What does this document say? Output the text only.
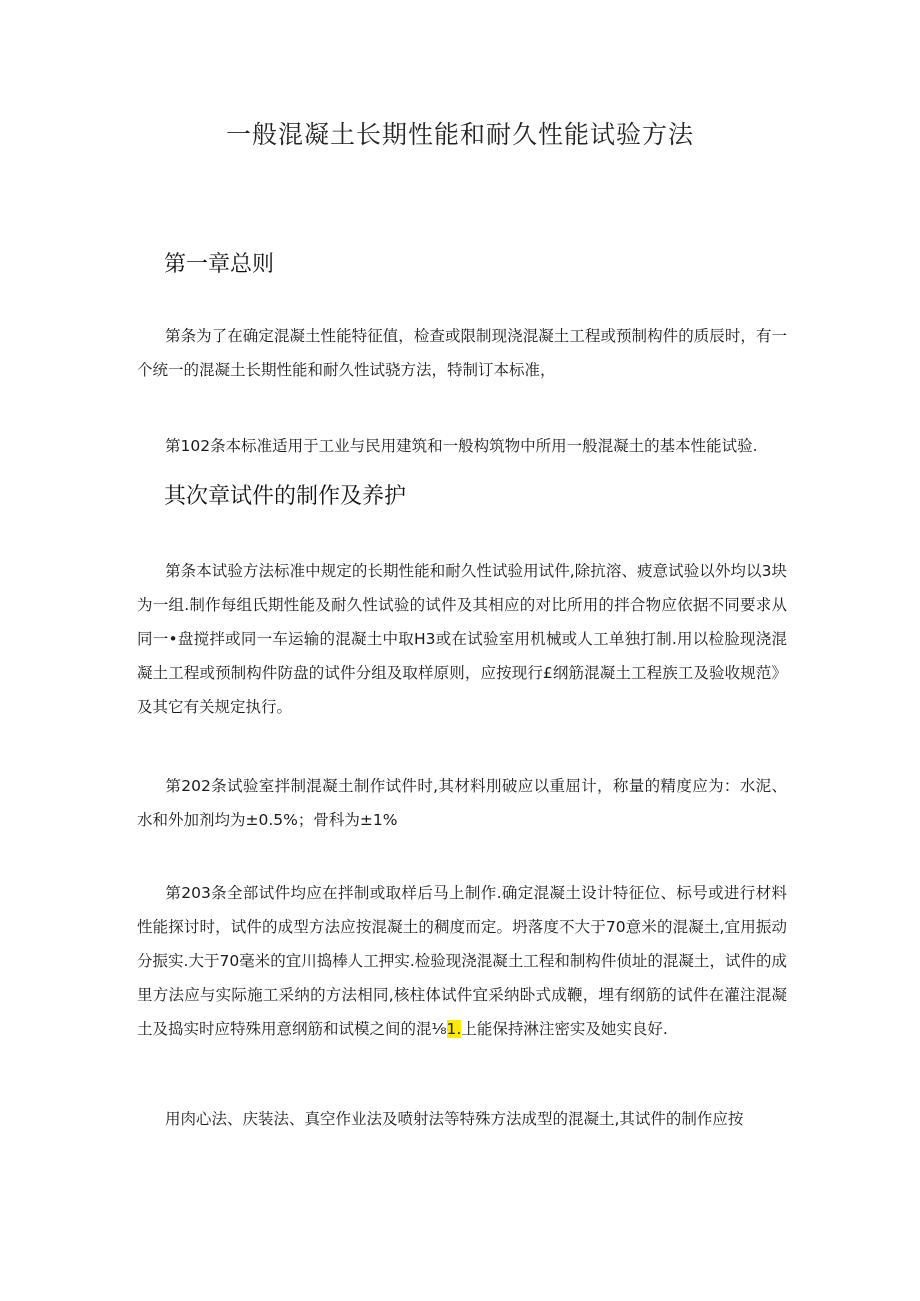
一般混凝土长期性能和耐久性能试验方法
第一章总则

第条为了在确定混凝土性能特征值，检查或限制现浇混凝土工程或预制构件的质辰时，有一个统一的混凝土长期性能和耐久性试骁方法，特制订本标准，

第102条本标准适用于工业与民用建筑和一般构筑物中所用一般混凝土的基本性能试验.

其次章试件的制作及养护

第条本试验方法标准中规定的长期性能和耐久性试验用试件,除抗溶、疲意试验以外均以3块为一组.制作每组氏期性能及耐久性试验的试件及其相应的对比所用的拌合物应依据不同要求从同一•盘搅拌或同一车运输的混凝土中取H3或在试验室用机械或人工单独打制.用以检脸现浇混凝土工程或预制构件防盘的试件分组及取样原则，应按现行£纲筋混凝土工程族工及验收规范》及其它有关规定执行。

第202条试验室拌制混凝土制作试件时,其材料刖破应以重屈计，称量的精度应为：水泥、水和外加剂均为±0.5%；骨科为±1%

第203条全部试件均应在拌制或取样后马上制作.确定混凝土设计特征位、标号或进行材料性能探讨时，试件的成型方法应按混凝土的稠度而定。坍落度不大于70意米的混凝土,宜用振动分振实.大于70毫米的宜川捣棒人工押实.检验现浇混凝土工程和制构件侦址的混凝土，试件的成里方法应与实际施工采纳的方法相同,核柱体试件宜采纳卧式成鞭，埋有纲筋的试件在灌注混凝土及捣实时应特殊用意纲筋和试模之间的混⅛1.上能保持淋注密实及她实良好.

用肉心法、庆装法、真空作业法及喷射法等特殊方法成型的混凝土,其试件的制作应按
